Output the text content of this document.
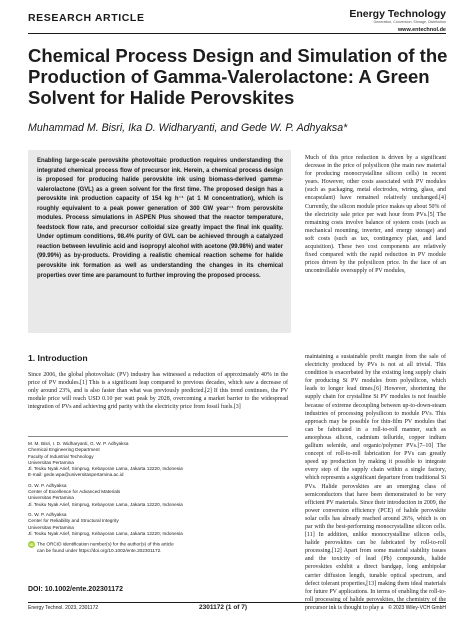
RESEARCH ARTICLE	Energy Technology
Generation, Conversion, Storage, Distribution
www.entechnol.de
Chemical Process Design and Simulation of the Production of Gamma-Valerolactone: A Green Solvent for Halide Perovskites
Muhammad M. Bisri, Ika D. Widharyanti, and Gede W. P. Adhyaksa*

Enabling large-scale perovskite photovoltaic production requires understanding the integrated chemical process flow of precursor ink. Herein, a chemical process design is proposed for producing halide perovskite ink using biomass-derived gamma-valerolactone (GVL) as a green solvent for the first time. The proposed design has a perovskite ink production capacity of 154 kg h⁻¹ (at 1 M concentration), which is roughly equivalent to a peak power generation of 300 GW year⁻¹ from perovskite modules. Process simulations in ASPEN Plus showed that the reactor temperature, feedstock flow rate, and precursor colloidal size greatly impact the final ink quality. Under optimum conditions, 98.4% purity of GVL can be achieved through a catalyzed reaction between levulinic acid and isopropyl alcohol with acetone (99.98%) and water (99.99%) as by-products. Providing a realistic chemical reaction scheme for halide perovskite ink formation as well as understanding the changes in its chemical properties over time are paramount to further improving the proposed process.

Much of this price reduction is driven by a significant decrease in the price of polysilicon (the main raw material for producing monocrystalline silicon cells) in recent years. However, other costs associated with PV modules (such as packaging, metal electrodes, wiring, glass, and encapsulant) have remained relatively unchanged.[4] Currently, the silicon module price makes up about 50% of the electricity sale price per watt hour from PVs.[5] The remaining costs involve balance of system costs (such as mechanical mounting, inverter, and energy storage) and soft costs (such as tax, contingency plan, and land acquisition). These two cost components are relatively fixed compared with the rapid reduction in PV module prices driven by the polysilicon price. In the face of an uncontrollable oversupply of PV modules,

1. Introduction

Since 2006, the global photovoltaic (PV) industry has witnessed a reduction of approximately 40% in the price of PV modules.[1] This is a significant leap compared to previous decades, which saw a decrease of only around 23%, and is also faster than what was previously predicted.[2] If this trend continues, the PV module price will reach USD 0.10 per watt peak by 2028, overcoming a market barrier to the widespread integration of PVs and achieving grid parity with the electricity price from fossil fuels.[3]

maintaining a sustainable profit margin from the sale of electricity produced by PVs is not at all trivial. This condition is exacerbated by the existing long supply chain for producing Si PV modules from polysilicon, which leads to longer lead times.[6] However, shortening the supply chain for crystalline Si PV modules is not feasible because of extreme decoupling between up-to-down-steam industries of processing polysilicon to module PVs. This approach may be possible for thin-film PV modules that can be fabricated in a roll-to-roll manner, such as amorphous silicon, cadmium telluride, copper indium gallium selenide, and organic/polymer PVs.[7–10] The concept of roll-to-roll fabrication for PVs can greatly speed up production by making it possible to integrate every step of the supply chain within a single factory, which represents a significant departure from traditional Si PVs. Halide perovskites are an emerging class of semiconductors that have been demonstrated to be very efficient PV materials. Since their introduction in 2009, the power conversion efficiency (PCE) of halide perovskite solar cells has already reached around 26%, which is on par with the best-performing monocrystalline silicon cells.[11] In addition, unlike monocrystalline silicon cells, halide perovskites can be fabricated by roll-to-roll processing.[12] Apart from some material stability issues and the toxicity of lead (Pb) compounds, halide perovskites exhibit a direct bandgap, long ambipolar carrier diffusion length, tunable optical spectrum, and defect tolerant properties,[13] making them ideal materials for future PV applications. In terms of enabling the roll-to-roll processing of halide perovskites, the chemistry of the precursor ink is thought to play a

M. M. Bisri, I. D. Widharyanti, G. W. P. Adhyaksa
Chemical Engineering Department
Faculty of Industrial Technology
Universitas Pertamina
Jl. Teuku Nyak Arief, Simprug, Kebayoran Lama, Jakarta 12220, Indonesia
E-mail: gede.wpa@universitaspertamina.ac.id
G. W. P. Adhyaksa
Center of Excellence for Advanced Materials
Universitas Pertamina
Jl. Teuku Nyak Arief, Simprug, Kebayoran Lama, Jakarta 12220, Indonesia
G. W. P. Adhyaksa
Center for Reliability and Structural Integrity
Universitas Pertamina
Jl. Teuku Nyak Arief, Simprug, Kebayoran Lama, Jakarta 12220, Indonesia
iD The ORCID identification number(s) for the author(s) of this article
can be found under https://doi.org/10.1002/ente.202301172.
DOI: 10.1002/ente.202301172
Energy Technol. 2023, 2301172	2301172 (1 of 7)	© 2023 Wiley-VCH GmbH
